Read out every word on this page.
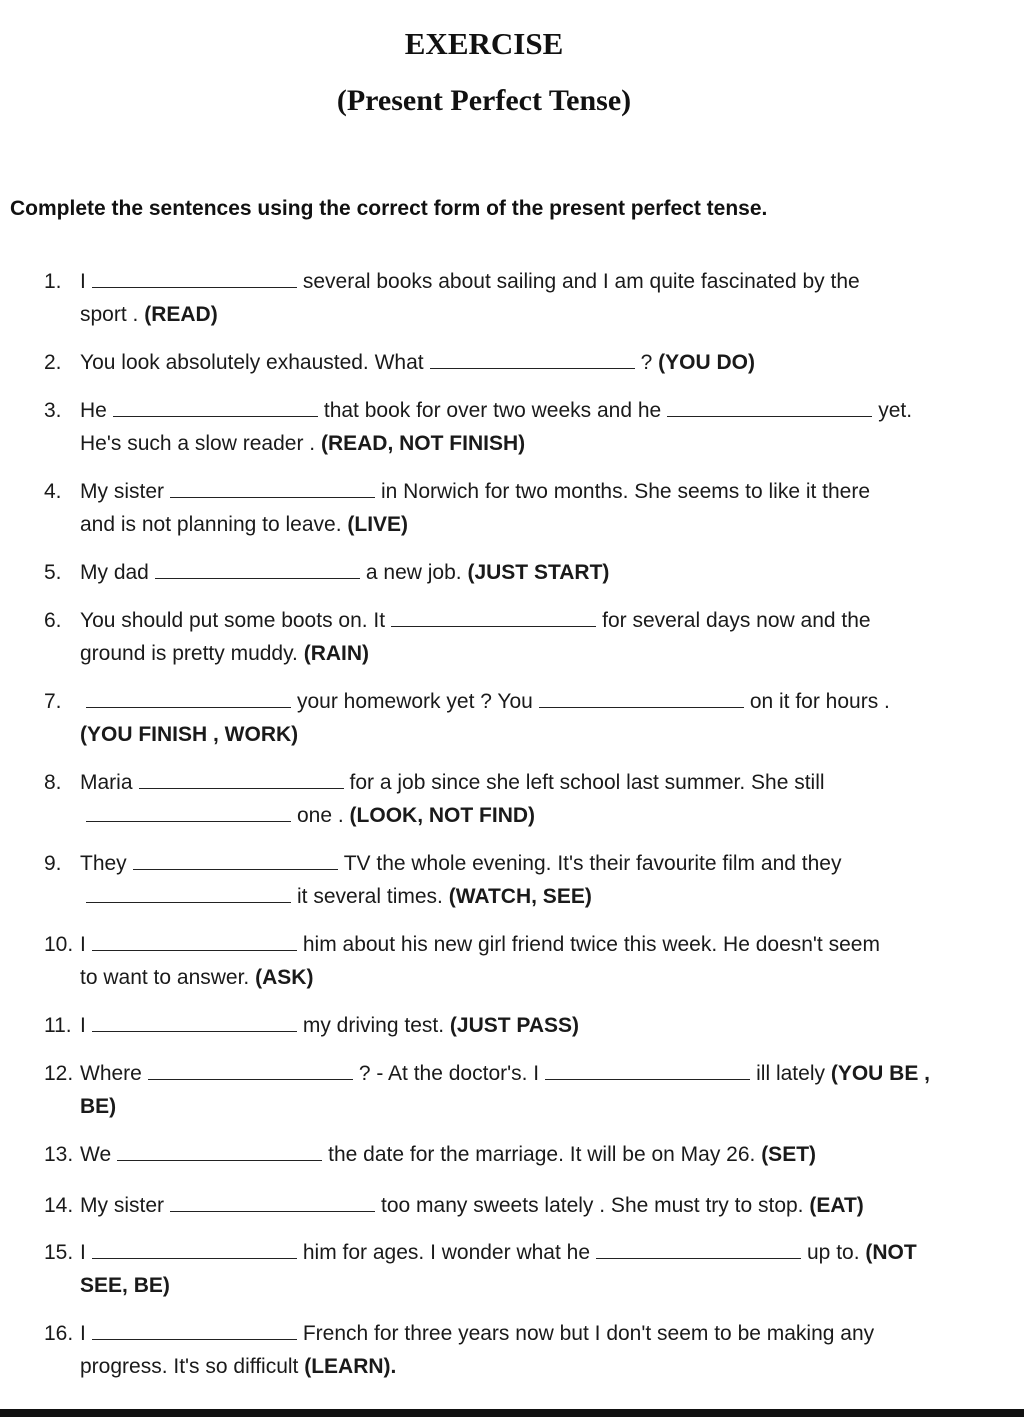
EXERCISE
(Present Perfect Tense)
Complete the sentences using the correct form of the present perfect tense.
1. I	several books about sailing and I am quite fascinated by the
sport . (READ)
2. You look absolutely exhausted. What	? (YOU DO)
3. He	that book for over two weeks and he	yet.
He's such a slow reader . (READ, NOT FINISH)
4. My sister	in Norwich for two months. She seems to like it there
and is not planning to leave. (LIVE)
5. My dad	a new job. (JUST START)
6. You should put some boots on. It	for several days now and the
ground is pretty muddy. (RAIN)
7.	your homework yet ? You	on it for hours .
(YOU FINISH , WORK)
8. Maria	for a job since she left school last summer. She still
one . (LOOK, NOT FIND)
9. They	TV the whole evening. It's their favourite film and they
it several times. (WATCH, SEE)
10. I	him about his new girl friend twice this week. He doesn't seem
to want to answer. (ASK)
11. I	my driving test. (JUST PASS)
12. Where	? - At the doctor's. I	ill lately (YOU BE ,
BE)
13. We	the date for the marriage. It will be on May 26. (SET)
14. My sister	too many sweets lately . She must try to stop. (EAT)
15. I	him for ages. I wonder what he	up to. (NOT
SEE, BE)
16. I	French for three years now but I don't seem to be making any
progress. It's so difficult (LEARN).
